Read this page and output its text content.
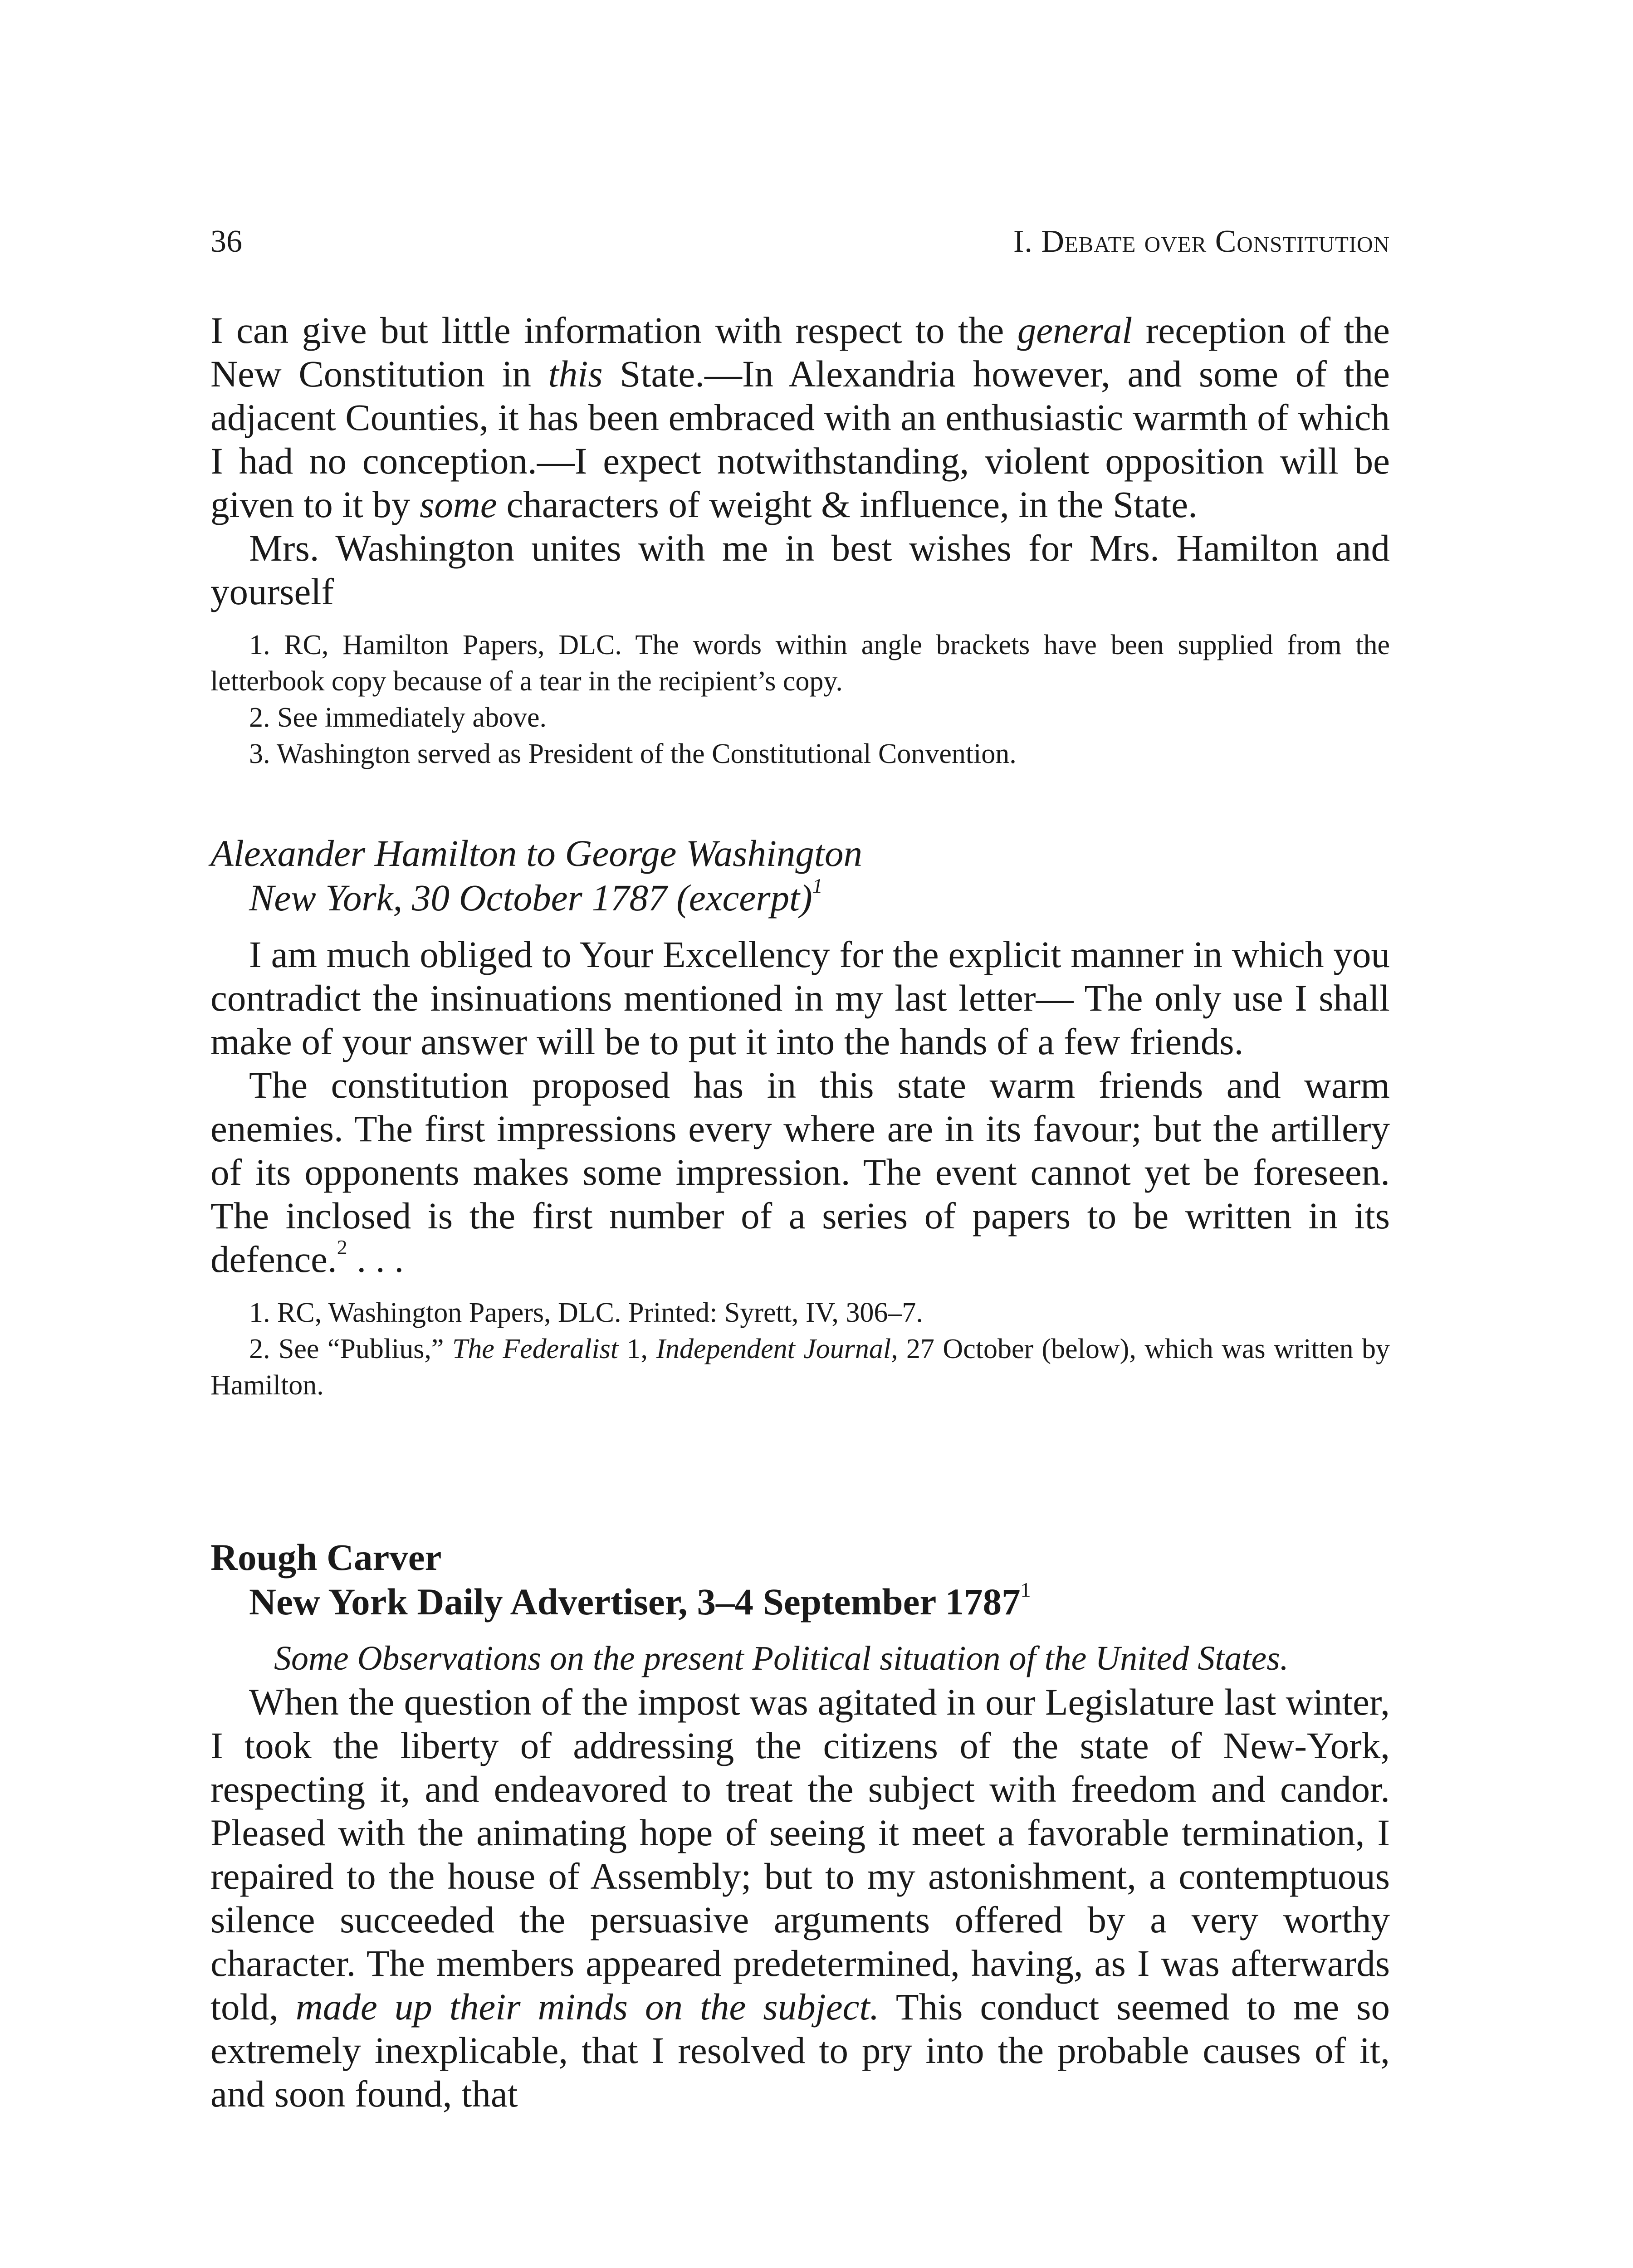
36	I. Debate over Constitution

I can give but little information with respect to the general reception of the New Constitution in this State.—In Alexandria however, and some of the adjacent Counties, it has been embraced with an enthusiastic warmth of which I had no conception.—I expect notwithstanding, violent opposition will be given to it by some characters of weight & influence, in the State.

Mrs. Washington unites with me in best wishes for Mrs. Hamilton and yourself

1. RC, Hamilton Papers, DLC. The words within angle brackets have been supplied from the letterbook copy because of a tear in the recipient’s copy.

2. See immediately above.

3. Washington served as President of the Constitutional Convention.

Alexander Hamilton to George Washington
New York, 30 October 1787 (excerpt)$^1$

I am much obliged to Your Excellency for the explicit manner in which you contradict the insinuations mentioned in my last letter— The only use I shall make of your answer will be to put it into the hands of a few friends.

The constitution proposed has in this state warm friends and warm enemies. The first impressions every where are in its favour; but the artillery of its opponents makes some impression. The event cannot yet be foreseen. The inclosed is the first number of a series of papers to be written in its defence.$^2$ . . .

1. RC, Washington Papers, DLC. Printed: Syrett, IV, 306–7.

2. See “Publius,” The Federalist 1, Independent Journal, 27 October (below), which was written by Hamilton.

Rough Carver
New York Daily Advertiser, 3–4 September 1787$^1$
Some Observations on the present Political situation of the United States.

When the question of the impost was agitated in our Legislature last winter, I took the liberty of addressing the citizens of the state of New-York, respecting it, and endeavored to treat the subject with freedom and candor. Pleased with the animating hope of seeing it meet a favorable termination, I repaired to the house of Assembly; but to my astonishment, a contemptuous silence succeeded the persuasive arguments offered by a very worthy character. The members appeared predetermined, having, as I was afterwards told, made up their minds on the subject. This conduct seemed to me so extremely inexplicable, that I resolved to pry into the probable causes of it, and soon found, that
